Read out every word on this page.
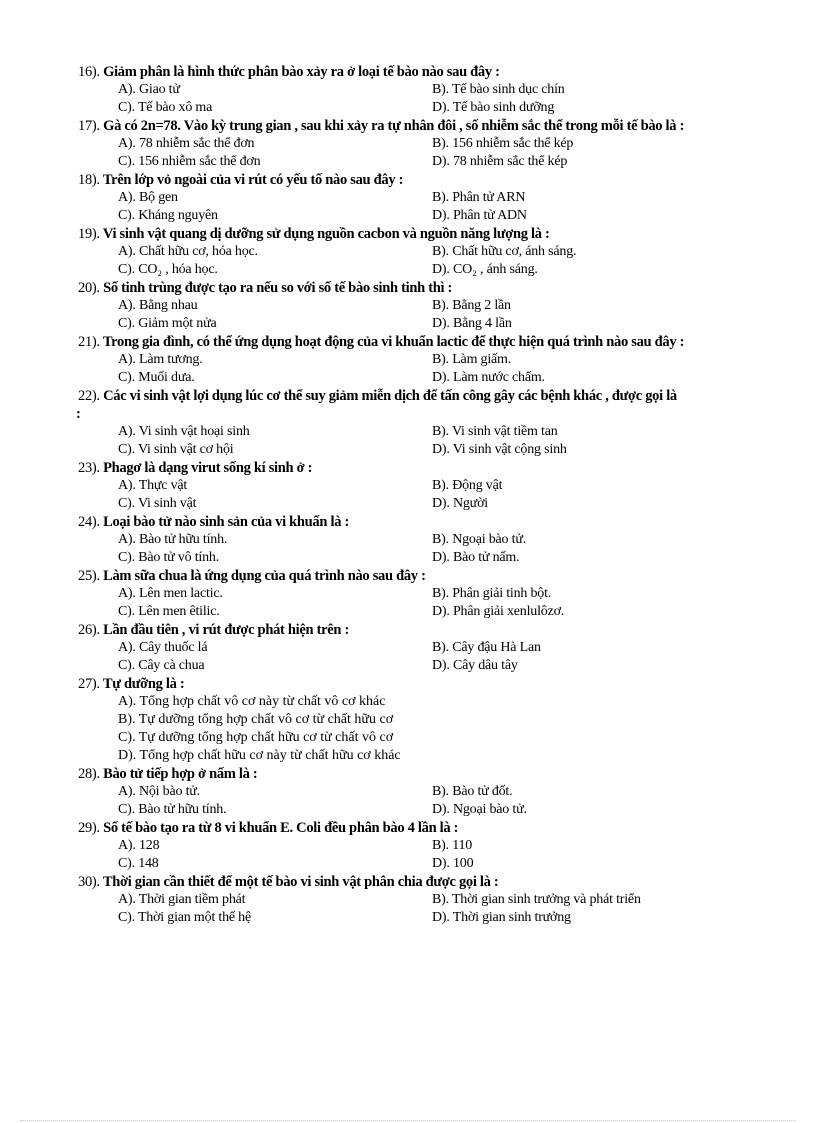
16). Giảm phân là hình thức phân bào xảy ra ở loại tế bào nào sau đây :
A). Giao tử	B). Tế bào sinh dục chín
C). Tế bào xô ma	D). Tế bào sinh dưỡng
17). Gà có 2n=78. Vào kỳ trung gian , sau khi xảy ra tự nhân đôi , số nhiễm sắc thể trong mỗi tế bào là :
A). 78 nhiễm sắc thể đơn	B). 156 nhiễm sắc thể kép
C). 156 nhiễm sắc thể đơn	D). 78 nhiễm sắc thể kép
18). Trên lớp vỏ ngoài của vi rút có yếu tố nào sau đây :
A). Bộ gen	B). Phân tử ARN
C). Kháng nguyên	D). Phân tử ADN
19). Vi sinh vật quang dị dưỡng sử dụng nguồn cacbon và nguồn năng lượng là :
A). Chất hữu cơ, hóa học.	B). Chất hữu cơ, ánh sáng.
C). CO₂ , hóa học.	D). CO₂ , ánh sáng.
20). Số tinh trùng được tạo ra nếu so với số tế bào sinh tinh thì :
A). Bằng nhau	B). Bằng 2 lần
C). Giảm một nửa	D). Bằng 4 lần
21). Trong gia đình, có thể ứng dụng hoạt động của vi khuẩn lactic để thực hiện quá trình nào sau đây :
A). Làm tương.	B). Làm giấm.
C). Muối dưa.	D). Làm nước chấm.
22). Các vi sinh vật lợi dụng lúc cơ thể suy giảm miễn dịch để tấn công gây các bệnh khác , được gọi là
:
A). Vi sinh vật hoại sinh	B). Vi sinh vật tiềm tan
C). Vi sinh vật cơ hội	D). Vi sinh vật cộng sinh
23). Phagơ là dạng virut sống kí sinh ở :
A). Thực vật	B). Động vật
C). Vi sinh vật	D). Người
24). Loại bào tử nào sinh sản của vi khuẩn là :
A). Bào tử hữu tính.	B). Ngoại bào tử.
C). Bào tử vô tính.	D). Bào tử nấm.
25). Làm sữa chua là ứng dụng của quá trình nào sau đây :
A). Lên men lactic.	B). Phân giải tinh bột.
C). Lên men êtilic.	D). Phân giải xenlulôzơ.
26). Lần đầu tiên , vi rút được phát hiện trên :
A). Cây thuốc lá	B). Cây đậu Hà Lan
C). Cây cà chua	D). Cây dâu tây
27). Tự dưỡng là :
A). Tổng hợp chất vô cơ này từ chất vô cơ khác
B). Tự dưỡng tổng hợp chất vô cơ từ chất hữu cơ
C). Tự dưỡng tổng hợp chất hữu cơ từ chất vô cơ
D). Tổng hợp chất hữu cơ này từ chất hữu cơ khác
28). Bào tử tiếp hợp ở nấm là :
A). Nội bào tử.	B). Bào tử đốt.
C). Bào tử hữu tính.	D). Ngoại bào tử.
29). Số tế bào tạo ra từ 8 vi khuẩn E. Coli đều phân bào 4 lần là :
A). 128	B). 110
C). 148	D). 100
30). Thời gian cần thiết để một tế bào vi sinh vật phân chia được gọi là :
A). Thời gian tiềm phát	B). Thời gian sinh trưởng và phát triển
C). Thời gian một thế hệ	D). Thời gian sinh trưởng
